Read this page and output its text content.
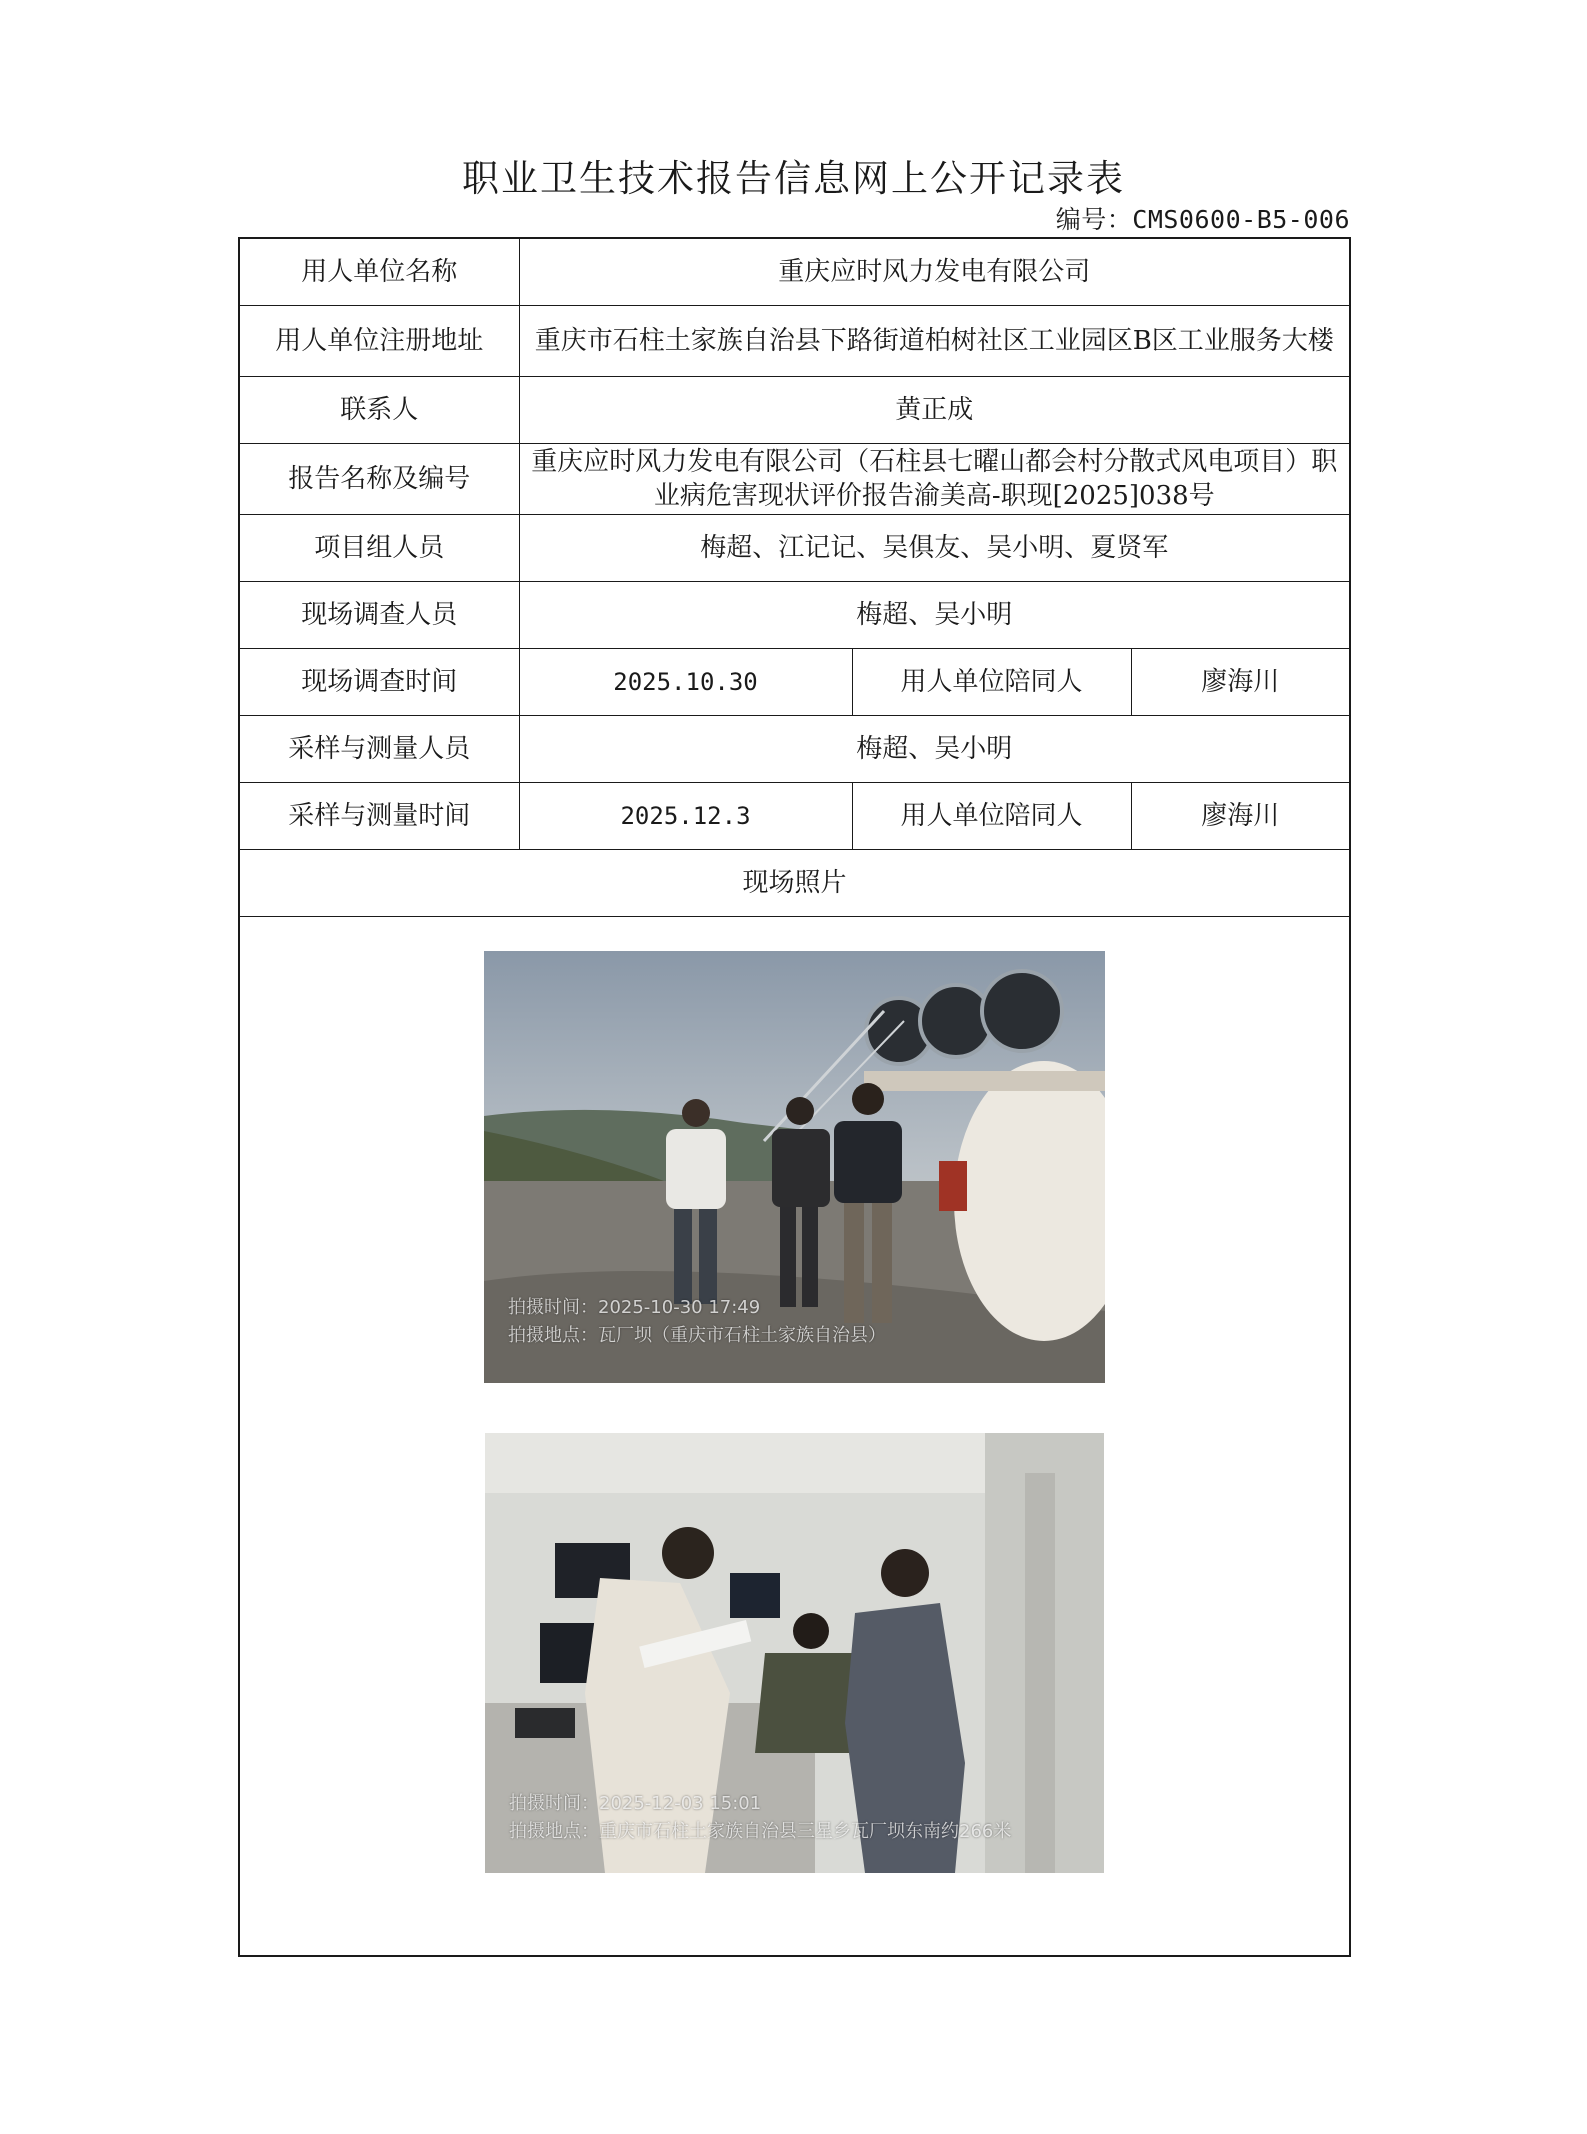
职业卫生技术报告信息网上公开记录表
编号：CMS0600-B5-006
用人单位名称	重庆应时风力发电有限公司		
用人单位注册地址	重庆市石柱土家族自治县下路街道柏树社区工业园区B区工业服务大楼		
联系人	黄正成		
报告名称及编号	重庆应时风力发电有限公司（石柱县七曜山都会村分散式风电项目）职业病危害现状评价报告渝美高-职现[2025]038号		
项目组人员	梅超、江记记、吴俱友、吴小明、夏贤军		
现场调查人员	梅超、吴小明		
现场调查时间	2025.10.30	用人单位陪同人	廖海川
采样与测量人员	梅超、吴小明		
采样与测量时间	2025.12.3	用人单位陪同人	廖海川
现场照片			

拍摄时间：2025-10-30 17:49
拍摄地点：瓦厂坝（重庆市石柱土家族自治县）
拍摄时间：2025-12-03 15:01
拍摄地点：重庆市石柱土家族自治县三星乡瓦厂坝东南约266米			
